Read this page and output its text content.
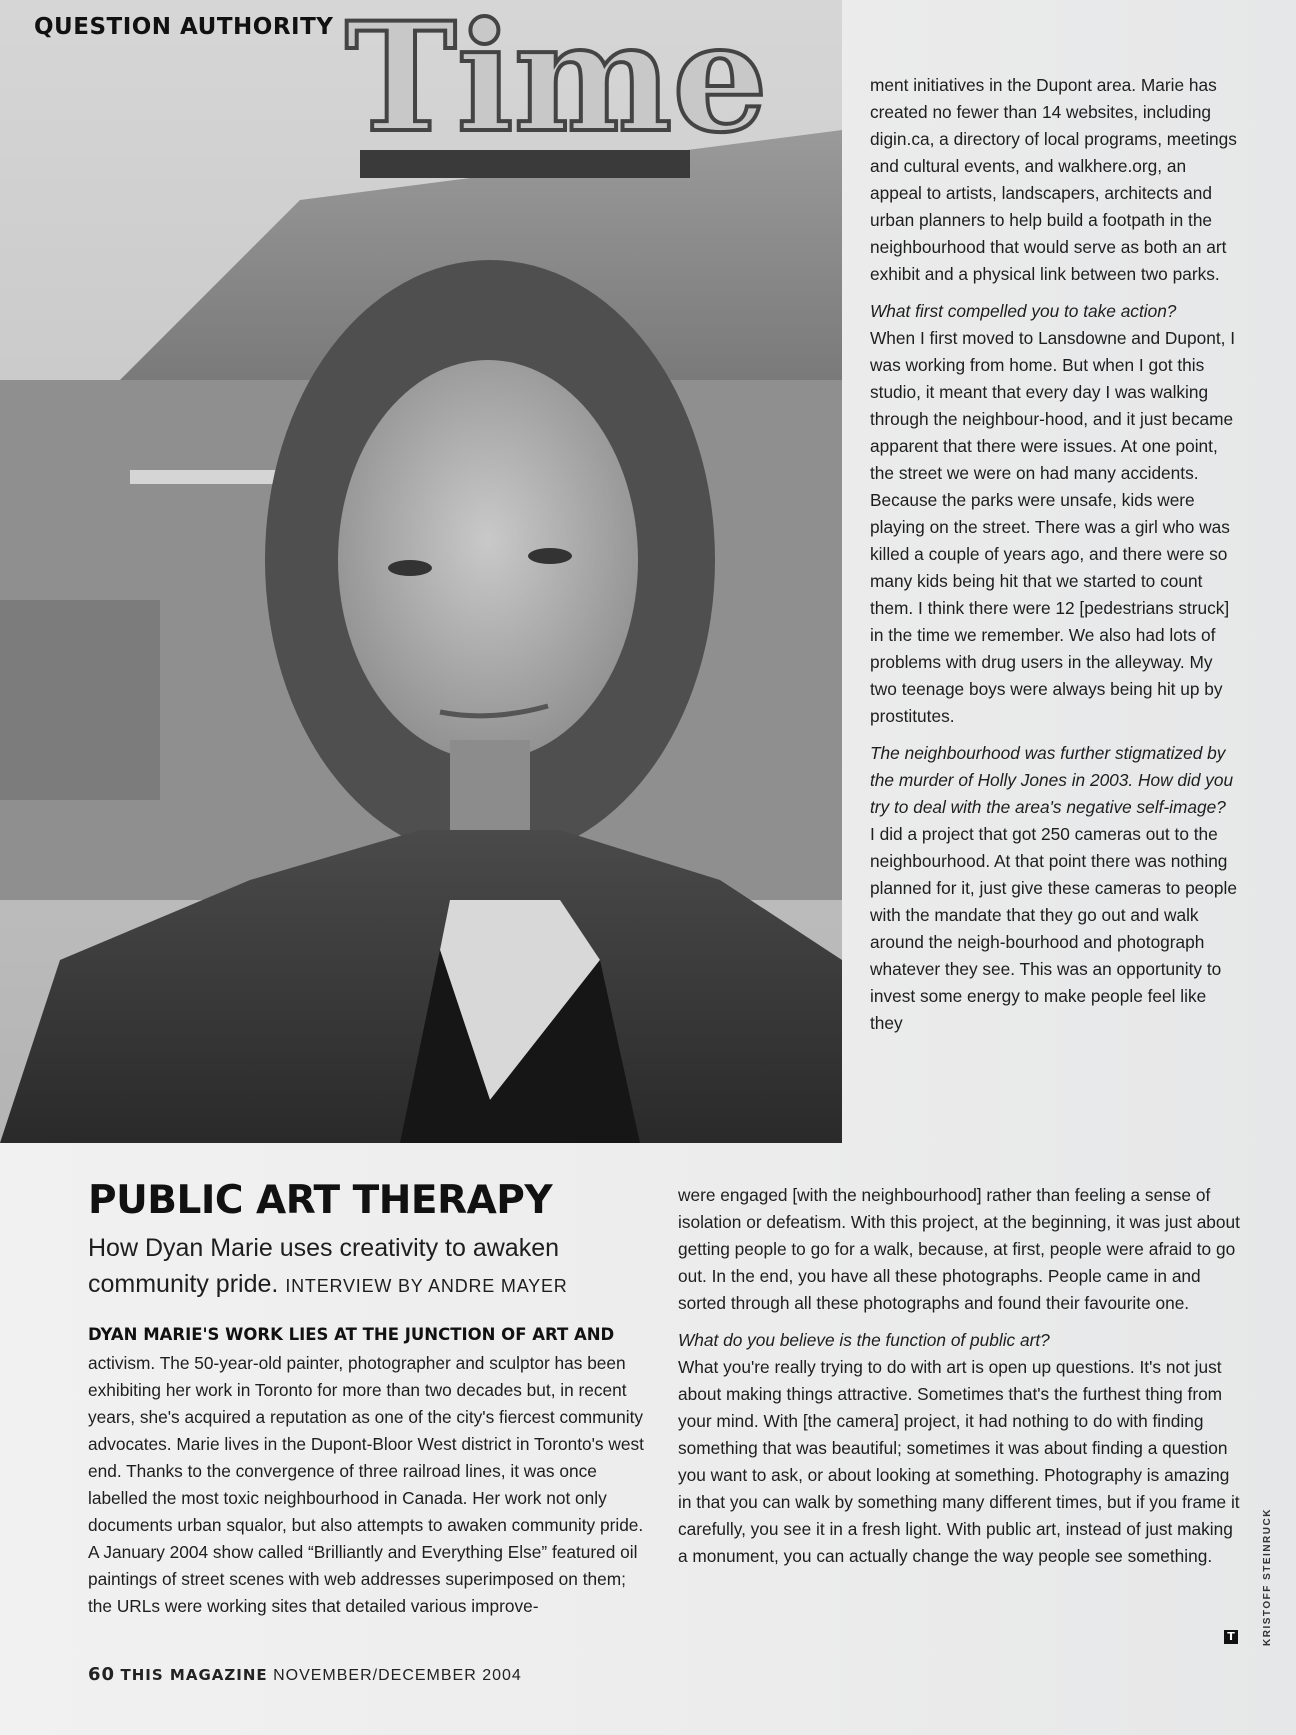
Time
QUESTION AUTHORITY

ment initiatives in the Dupont area. Marie has created no fewer than 14 websites, including digin.ca, a directory of local programs, meetings and cultural events, and walkhere.org, an appeal to artists, landscapers, architects and urban planners to help build a footpath in the neighbourhood that would serve as both an art exhibit and a physical link between two parks.

What first compelled you to take action?
When I first moved to Lansdowne and Dupont, I was working from home. But when I got this studio, it meant that every day I was walking through the neighbour-hood, and it just became apparent that there were issues. At one point, the street we were on had many accidents. Because the parks were unsafe, kids were playing on the street. There was a girl who was killed a couple of years ago, and there were so many kids being hit that we started to count them. I think there were 12 [pedestrians struck] in the time we remember. We also had lots of problems with drug users in the alleyway. My two teenage boys were always being hit up by prostitutes.

The neighbourhood was further stigmatized by the murder of Holly Jones in 2003. How did you try to deal with the area's negative self-image?
I did a project that got 250 cameras out to the neighbourhood. At that point there was nothing planned for it, just give these cameras to people with the mandate that they go out and walk around the neigh-bourhood and photograph whatever they see. This was an opportunity to invest some energy to make people feel like they

PUBLIC ART THERAPY
How Dyan Marie uses creativity to awaken community pride. INTERVIEW BY ANDRE MAYER
DYAN MARIE'S WORK LIES AT THE JUNCTION OF ART AND

activism. The 50-year-old painter, photographer and sculptor has been exhibiting her work in Toronto for more than two decades but, in recent years, she's acquired a reputation as one of the city's fiercest community advocates. Marie lives in the Dupont-Bloor West district in Toronto's west end. Thanks to the convergence of three railroad lines, it was once labelled the most toxic neighbourhood in Canada. Her work not only documents urban squalor, but also attempts to awaken community pride. A January 2004 show called “Brilliantly and Everything Else” featured oil paintings of street scenes with web addresses superimposed on them; the URLs were working sites that detailed various improve-

were engaged [with the neighbourhood] rather than feeling a sense of isolation or defeatism. With this project, at the beginning, it was just about getting people to go for a walk, because, at first, people were afraid to go out. In the end, you have all these photographs. People came in and sorted through all these photographs and found their favourite one.

What do you believe is the function of public art?
What you're really trying to do with art is open up questions. It's not just about making things attractive. Sometimes that's the furthest thing from your mind. With [the camera] project, it had nothing to do with finding something that was beautiful; sometimes it was about finding a question you want to ask, or about looking at something. Photography is amazing in that you can walk by something many different times, but if you frame it carefully, you see it in a fresh light. With public art, instead of just making a monument, you can actually change the way people see something.

T	KRISTOFF STEINRUCK
60 THIS MAGAZINE NOVEMBER/DECEMBER 2004
